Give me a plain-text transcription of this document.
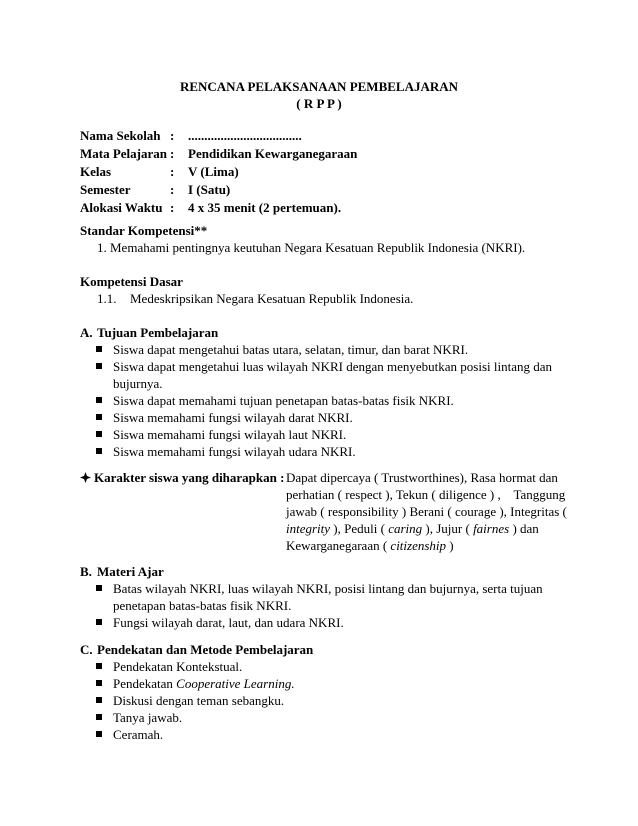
RENCANA PELAKSANAAN PEMBELAJARAN
( R P P )
Nama Sekolah :	...................................
Mata Pelajaran :	Pendidikan Kewarganegaraan
Kelas	:	V (Lima)
Semester	:	I (Satu)
Alokasi Waktu :	4 x 35 menit (2 pertemuan).
Standar Kompetensi**
1. Memahami pentingnya keutuhan Negara Kesatuan Republik Indonesia (NKRI).
Kompetensi Dasar
1.1.	Medeskripsikan Negara Kesatuan Republik Indonesia.
A. Tujuan Pembelajaran
Siswa dapat mengetahui batas utara, selatan, timur, dan barat NKRI.
Siswa dapat mengetahui luas wilayah NKRI dengan menyebutkan posisi lintang dan bujurnya.
Siswa dapat memahami tujuan penetapan batas-batas fisik NKRI.
Siswa memahami fungsi wilayah darat NKRI.
Siswa memahami fungsi wilayah laut NKRI.
Siswa memahami fungsi wilayah udara NKRI.
Karakter siswa yang diharapkan : Dapat dipercaya ( Trustworthines), Rasa hormat dan
perhatian ( respect ), Tekun ( diligence ) ,    Tanggung
jawab ( responsibility ) Berani ( courage ), Integritas (
integrity ), Peduli ( caring ), Jujur ( fairnes ) dan
Kewarganegaraan ( citizenship )
B. Materi Ajar
Batas wilayah NKRI, luas wilayah NKRI, posisi lintang dan bujurnya, serta tujuan penetapan batas-batas fisik NKRI.
Fungsi wilayah darat, laut, dan udara NKRI.
C. Pendekatan dan Metode Pembelajaran
Pendekatan Kontekstual.
Pendekatan Cooperative Learning.
Diskusi dengan teman sebangku.
Tanya jawab.
Ceramah.
